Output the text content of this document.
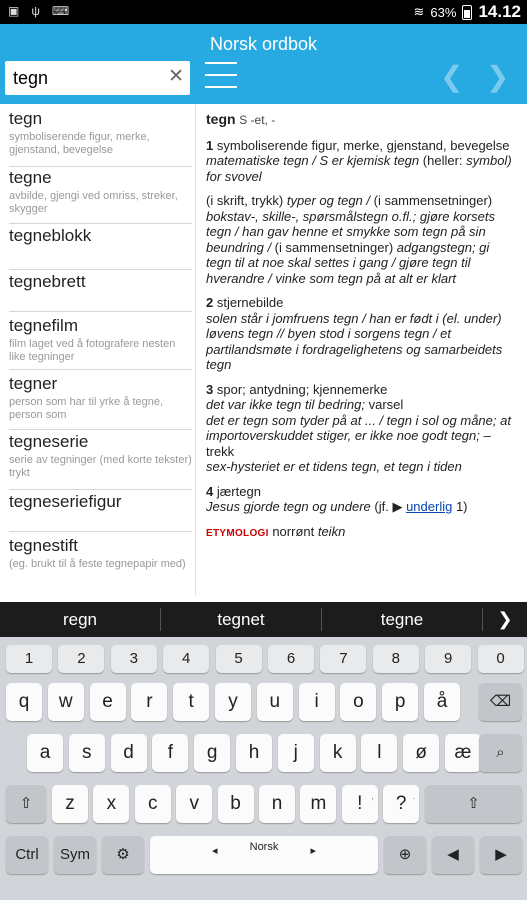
▣ ψ ⌨	≋ 63% 14.12
Norsk ordbok
tegn
✕	❮ ❯
tegn
symboliserende figur, merke, gjenstand, bevegelse
tegne
avbilde, gjengi ved omriss, streker, skygger
tegneblokk
tegnebrett
tegnefilm
film laget ved å fotografere nesten like tegninger
tegner
person som har til yrke å tegne, person som
tegneserie
serie av tegninger (med korte tekster) trykt
tegneseriefigur
tegnestift
(eg. brukt til å feste tegnepapir med)
tegn S -et, -

1 symboliserende figur, merke, gjenstand, bevegelse
matematiske tegn / S er kjemisk tegn (heller: symbol) for svovel

(i skrift, trykk) typer og tegn / (i sammensetninger) bokstav-, skille-, spørsmålstegn o.fl.; gjøre korsets tegn / han gav henne et smykke som tegn på sin beundring / (i sammensetninger) adgangstegn; gi tegn til at noe skal settes i gang / gjøre tegn til hverandre / vinke som tegn på at alt er klart

2 stjernebilde
solen står i jomfruens tegn / han er født i (el. under) løvens tegn // byen stod i sorgens tegn / et partilandsmøte i fordragelighetens og samarbeidets tegn

3 spor; antydning; kjennemerke
det var ikke tegn til bedring; varsel
det er tegn som tyder på at ... / tegn i sol og måne; at importoverskuddet stiger, er ikke noe godt tegn; – trekk
sex-hysteriet er et tidens tegn, et tegn i tiden

4 jærtegn
Jesus gjorde tegn og undere (jf. ▶ underlig 1)

ETYMOLOGI norrønt teikn

regn	tegnet	tegne	❯
1	2	3	4	5	6	7	8	9	0
q	w	e	r	t	y	u	i	o	p	å
a	s	d	f	g	h	j	k	l	ø	æ
z	x	c	v	b	n	m	! ,	? .
⌫
⌕
⇧	⇧
Ctrl	Sym	⚙	◂	Norsk	▸	⊕	◀	▶
